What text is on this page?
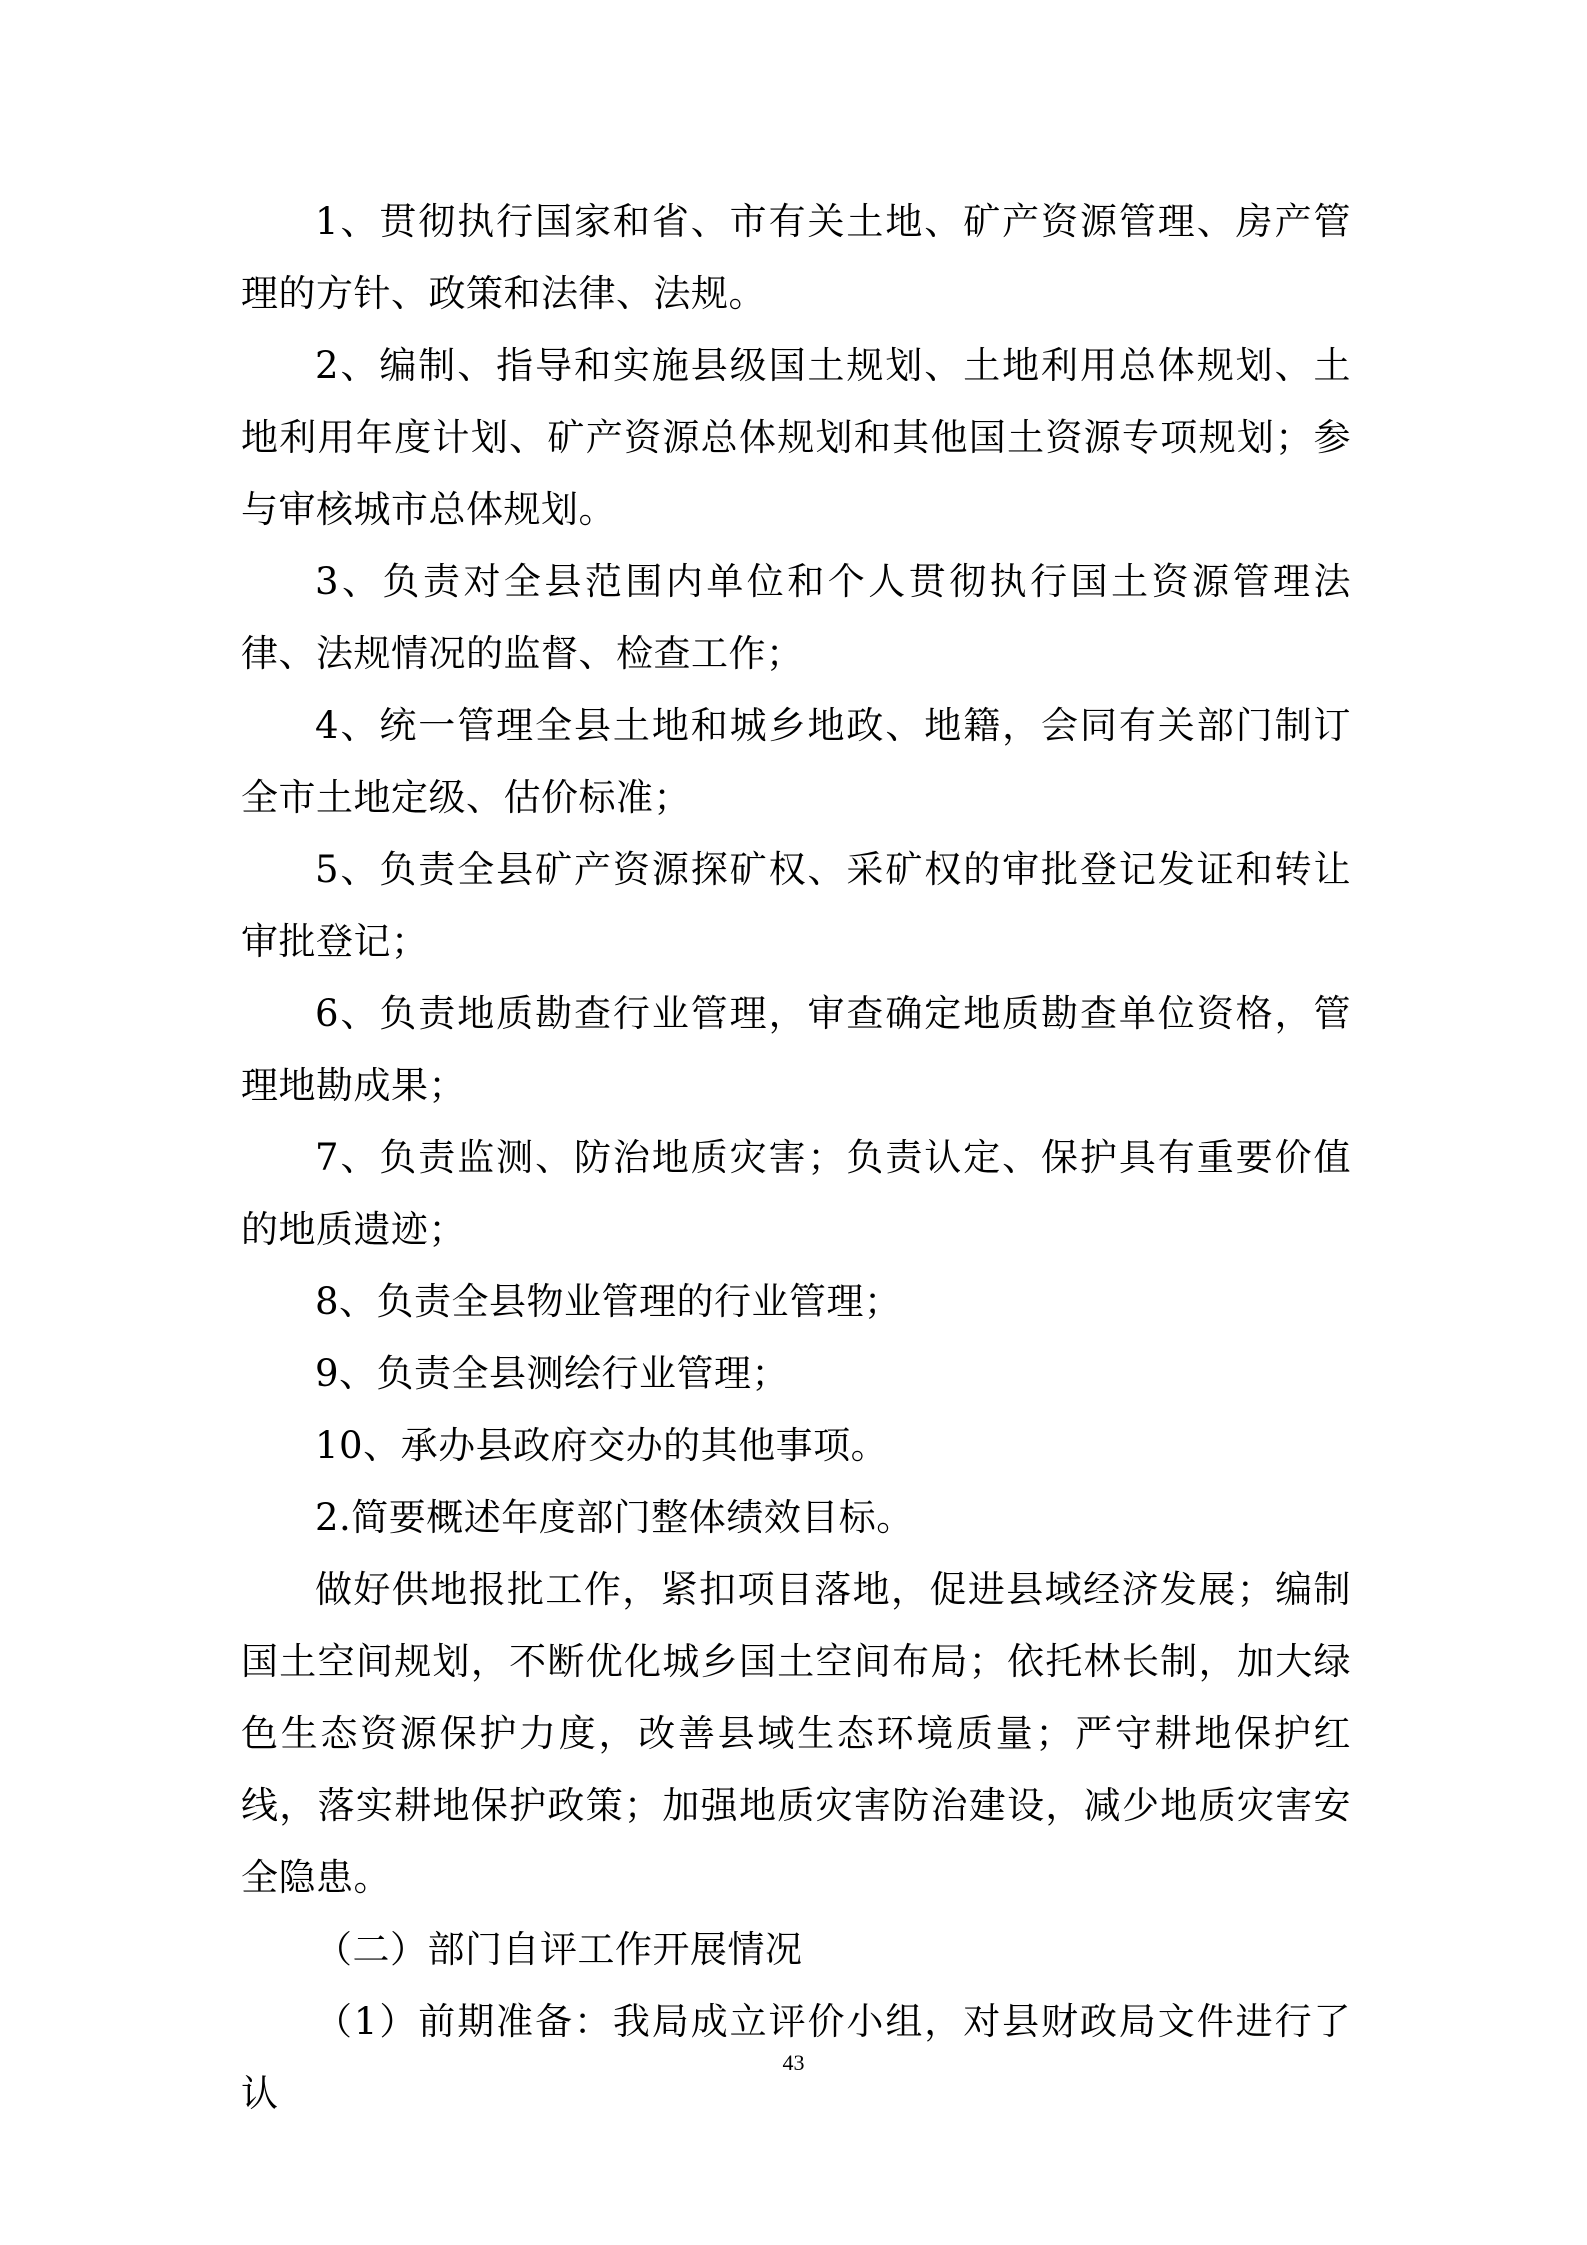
1、贯彻执行国家和省、市有关土地、矿产资源管理、房产管理的方针、政策和法律、法规。

2、编制、指导和实施县级国土规划、土地利用总体规划、土地利用年度计划、矿产资源总体规划和其他国土资源专项规划；参与审核城市总体规划。

3、负责对全县范围内单位和个人贯彻执行国土资源管理法律、法规情况的监督、检查工作；

4、统一管理全县土地和城乡地政、地籍，会同有关部门制订全市土地定级、估价标准；

5、负责全县矿产资源探矿权、采矿权的审批登记发证和转让审批登记；

6、负责地质勘查行业管理，审查确定地质勘查单位资格，管理地勘成果；

7、负责监测、防治地质灾害；负责认定、保护具有重要价值的地质遗迹；

8、负责全县物业管理的行业管理；

9、负责全县测绘行业管理；

10、承办县政府交办的其他事项。

2.简要概述年度部门整体绩效目标。

做好供地报批工作，紧扣项目落地，促进县域经济发展；编制国土空间规划，不断优化城乡国土空间布局；依托林长制，加大绿色生态资源保护力度，改善县域生态环境质量；严守耕地保护红线，落实耕地保护政策；加强地质灾害防治建设，减少地质灾害安全隐患。

（二）部门自评工作开展情况

（1）前期准备：我局成立评价小组，对县财政局文件进行了认

43
